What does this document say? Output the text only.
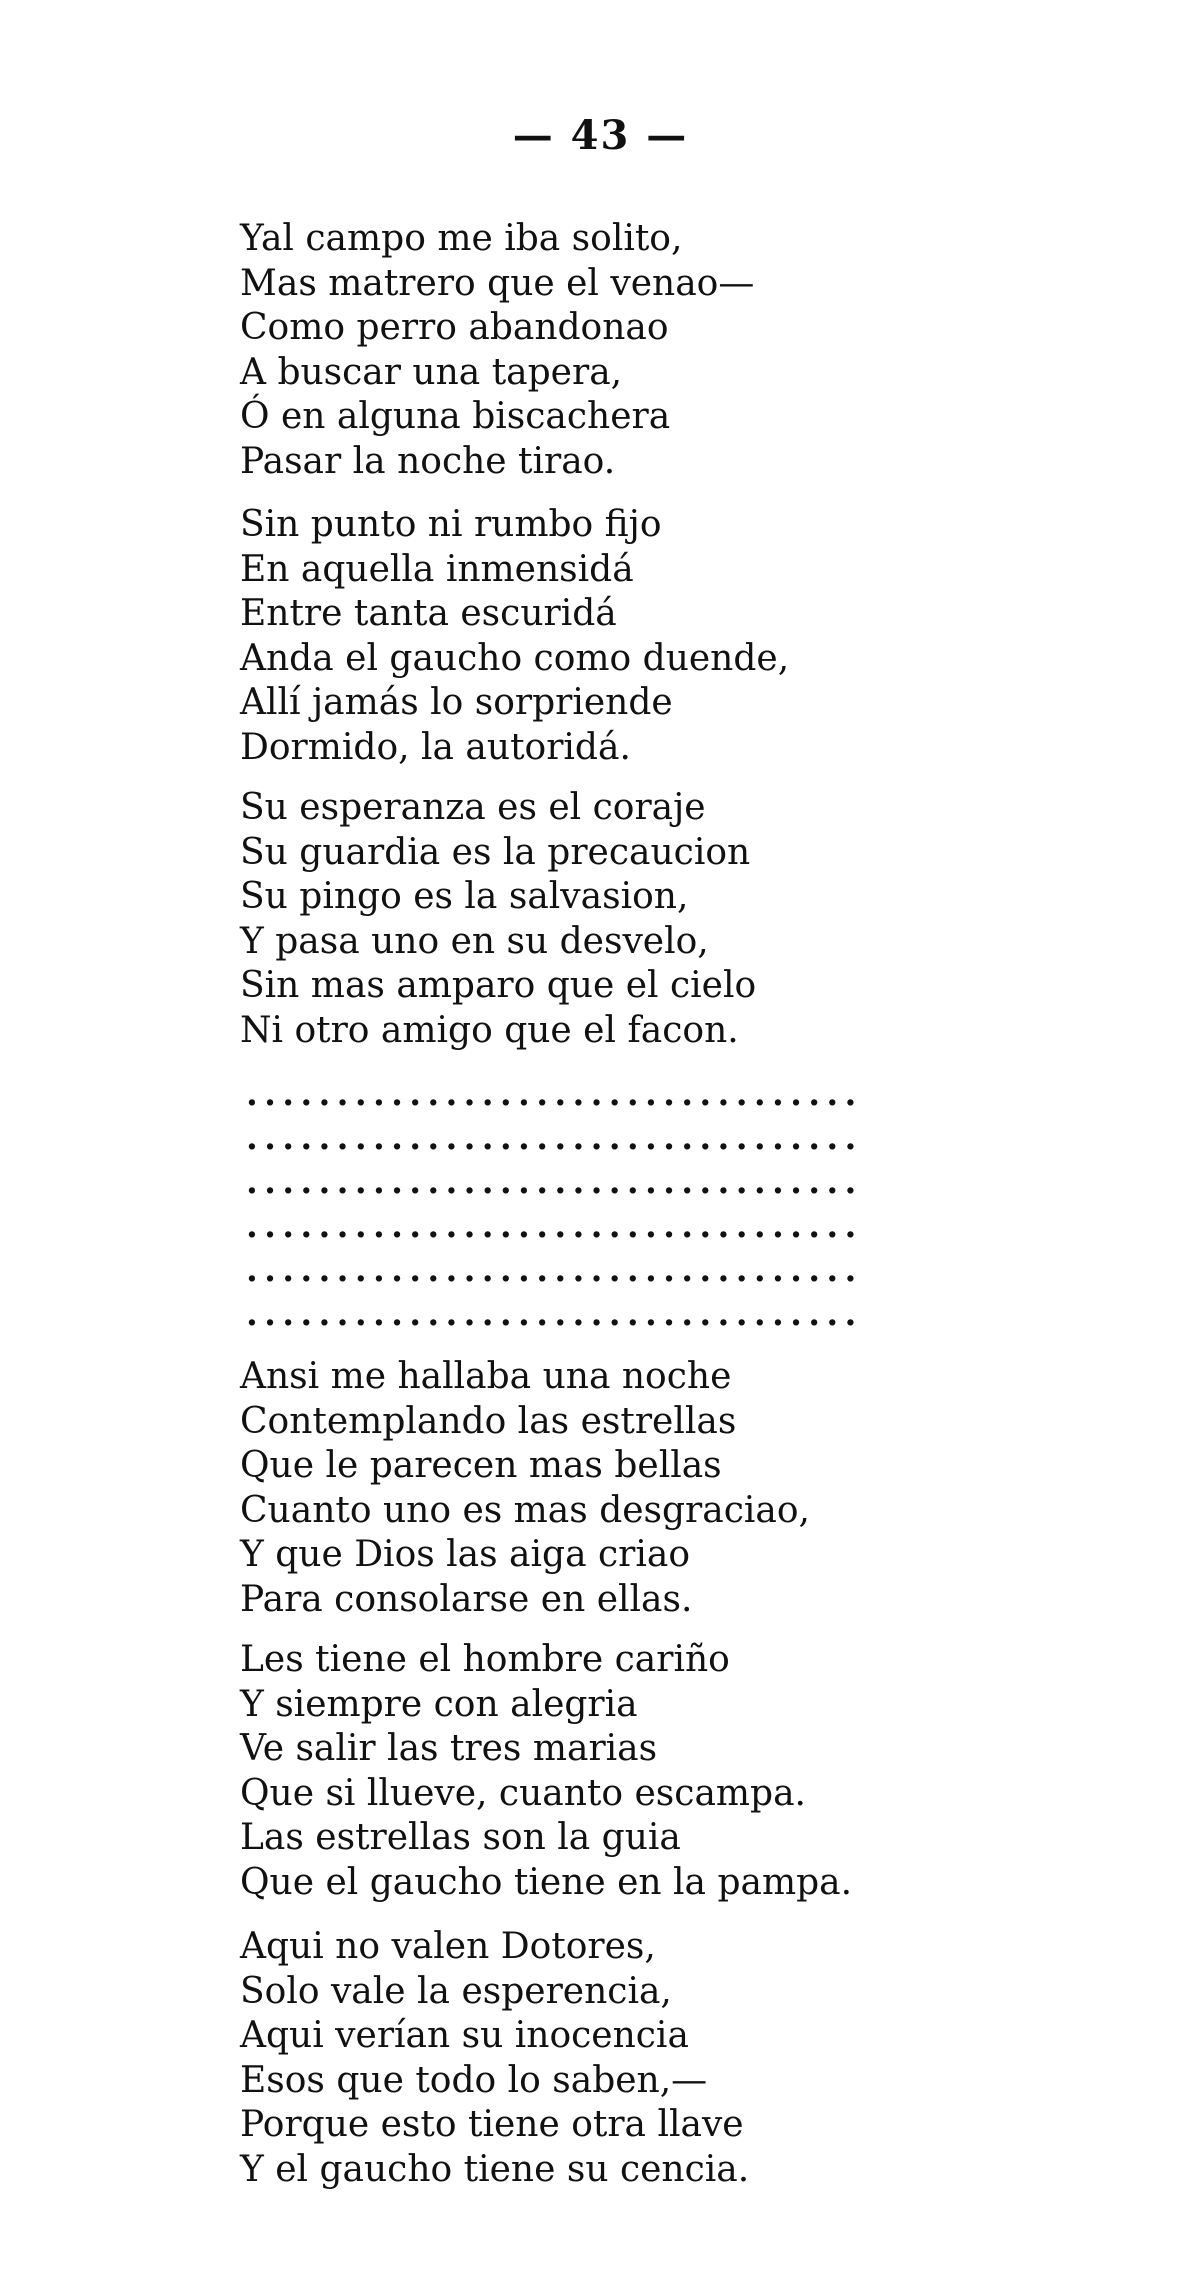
— 43 —
Yal campo me iba solito,
Mas matrero que el venao—
Como perro abandonao
A buscar una tapera,
Ó en alguna biscachera
Pasar la noche tirao.
Sin punto ni rumbo fijo
En aquella inmensidá
Entre tanta escuridá
Anda el gaucho como duende,
Allí jamás lo sorpriende
Dormido, la autoridá.
Su esperanza es el coraje
Su guardia es la precaucion
Su pingo es la salvasion,
Y pasa uno en su desvelo,
Sin mas amparo que el cielo
Ni otro amigo que el facon.
..................................
..................................
..................................
..................................
..................................
..................................
Ansi me hallaba una noche
Contemplando las estrellas
Que le parecen mas bellas
Cuanto uno es mas desgraciao,
Y que Dios las aiga criao
Para consolarse en ellas.
Les tiene el hombre cariño
Y siempre con alegria
Ve salir las tres marias
Que si llueve, cuanto escampa.
Las estrellas son la guia
Que el gaucho tiene en la pampa.
Aqui no valen Dotores,
Solo vale la esperencia,
Aqui verían su inocencia
Esos que todo lo saben,—
Porque esto tiene otra llave
Y el gaucho tiene su cencia.
